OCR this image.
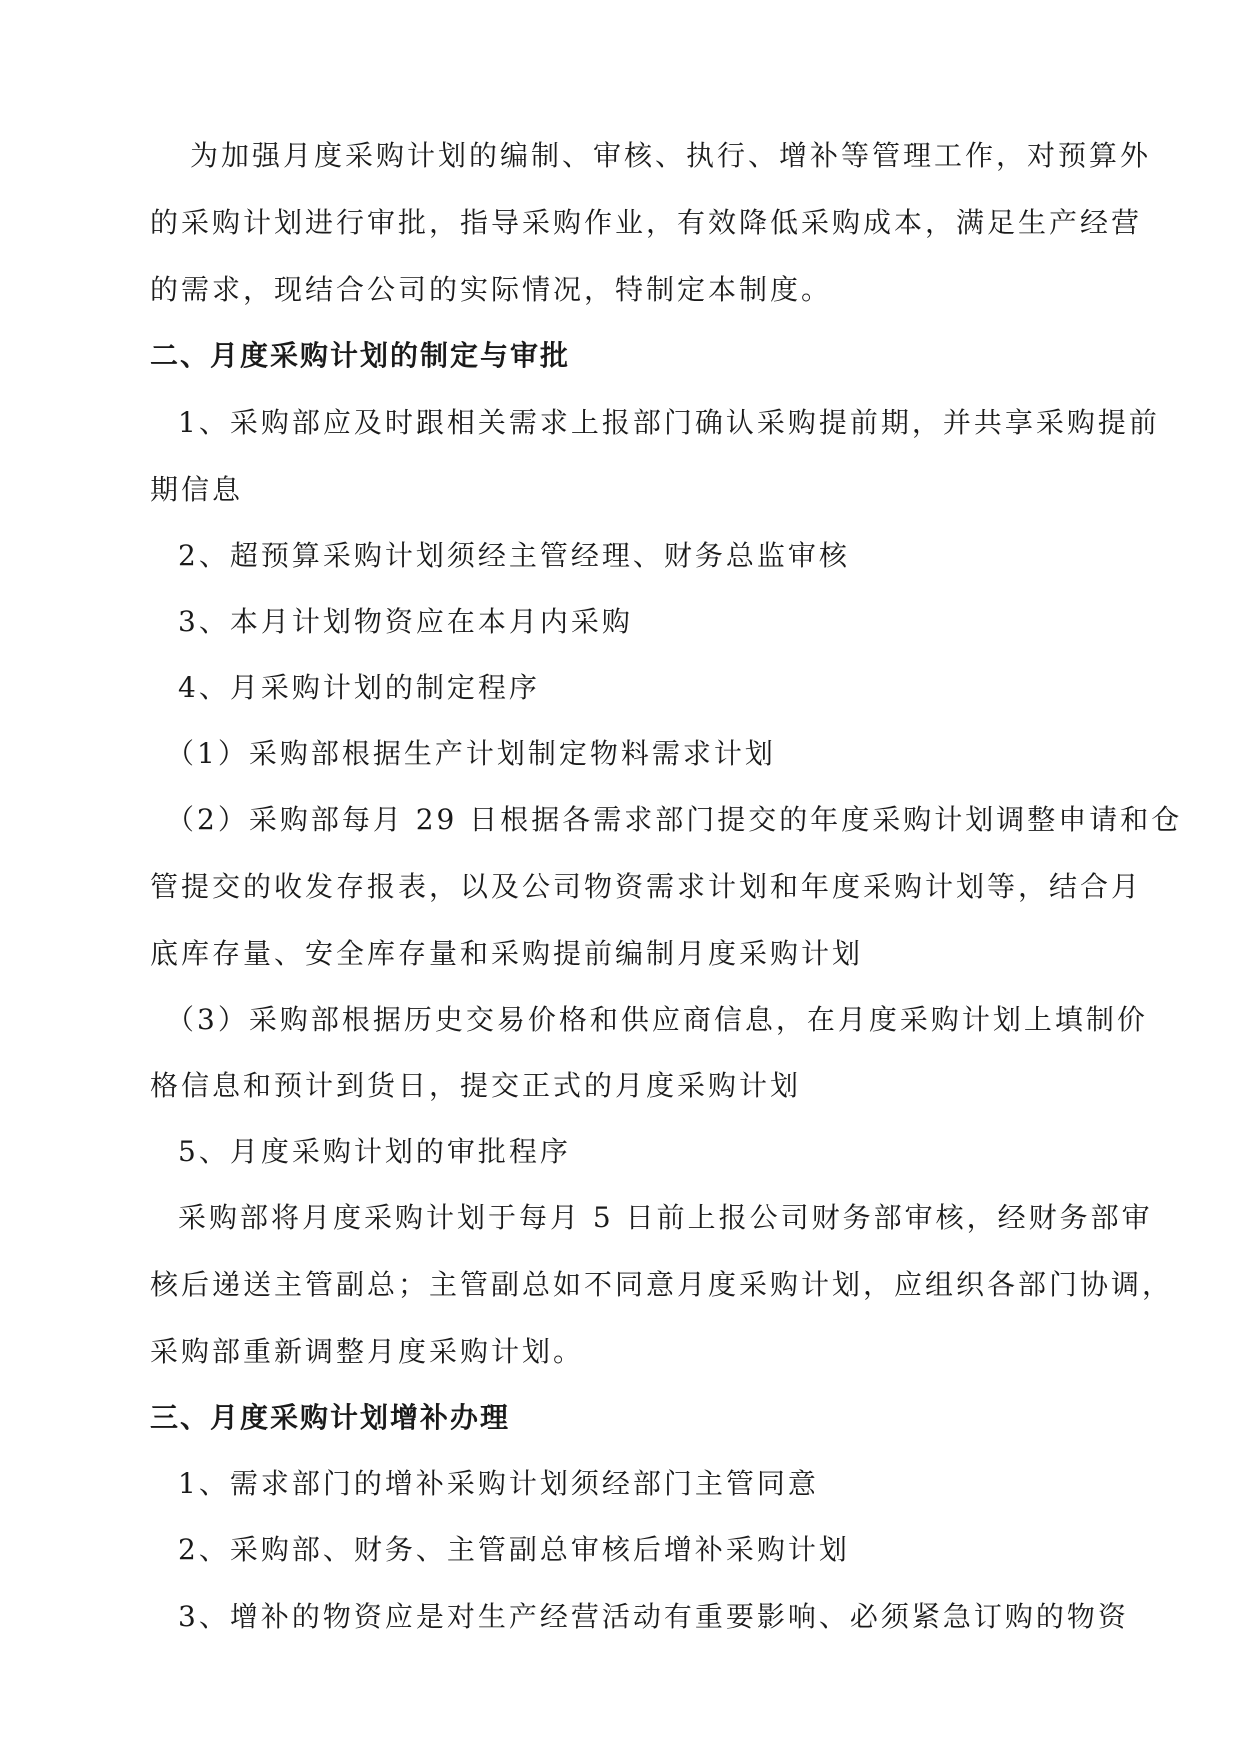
为加强月度采购计划的编制、审核、执行、增补等管理工作，对预算外
的采购计划进行审批，指导采购作业，有效降低采购成本，满足生产经营
的需求，现结合公司的实际情况，特制定本制度。
二、月度采购计划的制定与审批
1、采购部应及时跟相关需求上报部门确认采购提前期，并共享采购提前
期信息
2、超预算采购计划须经主管经理、财务总监审核
3、本月计划物资应在本月内采购
4、月采购计划的制定程序
（1）采购部根据生产计划制定物料需求计划
（2）采购部每月 29 日根据各需求部门提交的年度采购计划调整申请和仓
管提交的收发存报表，以及公司物资需求计划和年度采购计划等，结合月
底库存量、安全库存量和采购提前编制月度采购计划
（3）采购部根据历史交易价格和供应商信息，在月度采购计划上填制价
格信息和预计到货日，提交正式的月度采购计划
5、月度采购计划的审批程序
采购部将月度采购计划于每月 5 日前上报公司财务部审核，经财务部审
核后递送主管副总；主管副总如不同意月度采购计划，应组织各部门协调，
采购部重新调整月度采购计划。
三、月度采购计划增补办理
1、需求部门的增补采购计划须经部门主管同意
2、采购部、财务、主管副总审核后增补采购计划
3、增补的物资应是对生产经营活动有重要影响、必须紧急订购的物资
